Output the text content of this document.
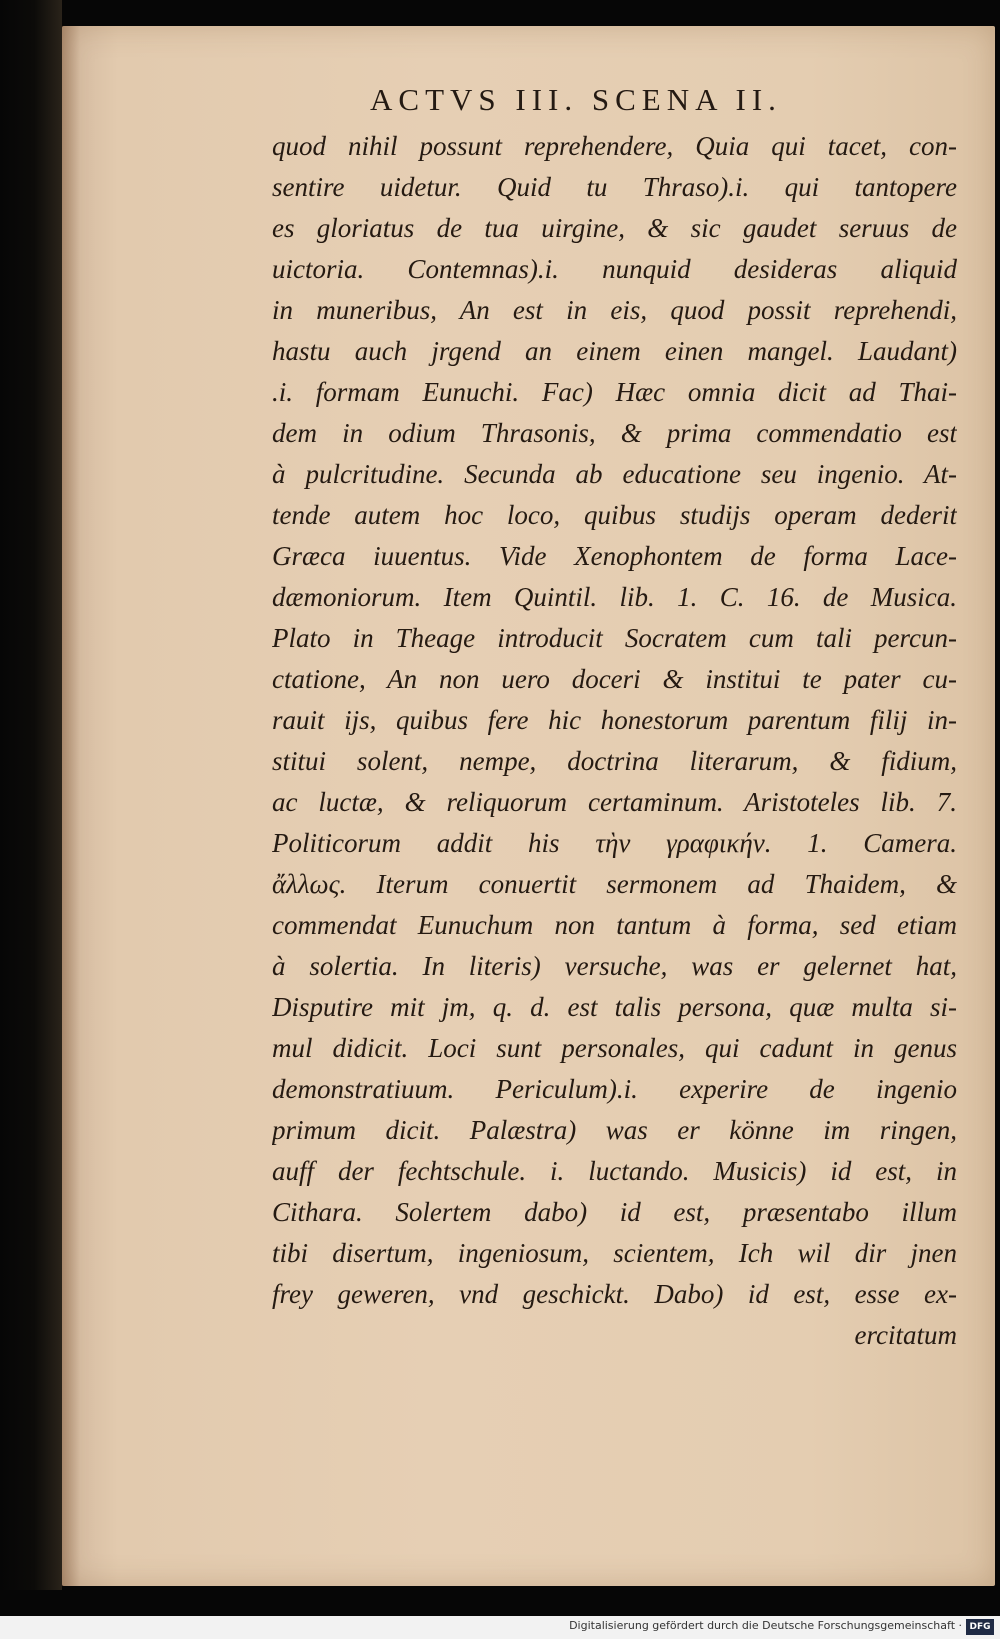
ACTVS III. SCENA II.
quod nihil possunt reprehendere, Quia qui tacet, con-
sentire uidetur. Quid tu Thraso).i. qui tantopere
es gloriatus de tua uirgine, & sic gaudet seruus de
uictoria. Contemnas).i. nunquid desideras aliquid
in muneribus, An est in eis, quod possit reprehendi,
hastu auch jrgend an einem einen mangel. Laudant)
.i. formam Eunuchi. Fac) Hæc omnia dicit ad Thai-
dem in odium Thrasonis, & prima commendatio est
à pulcritudine. Secunda ab educatione seu ingenio. At-
tende autem hoc loco, quibus studijs operam dederit
Græca iuuentus. Vide Xenophontem de forma Lace-
dæmoniorum. Item Quintil. lib. 1. C. 16. de Musica.
Plato in Theage introducit Socratem cum tali percun-
ctatione, An non uero doceri & institui te pater cu-
rauit ijs, quibus fere hic honestorum parentum filij in-
stitui solent, nempe, doctrina literarum, & fidium,
ac luctæ, & reliquorum certaminum. Aristoteles lib. 7.
Politicorum addit his τὴν γραφικήν. 1. Camera.
ἄλλως. Iterum conuertit sermonem ad Thaidem, &
commendat Eunuchum non tantum à forma, sed etiam
à solertia. In literis) versuche, was er gelernet hat,
Disputire mit jm, q. d. est talis persona, quæ multa si-
mul didicit. Loci sunt personales, qui cadunt in genus
demonstratiuum. Periculum).i. experire de ingenio
primum dicit. Palæstra) was er könne im ringen,
auff der fechtschule. i. luctando. Musicis) id est, in
Cithara. Solertem dabo) id est, præsentabo illum
tibi disertum, ingeniosum, scientem, Ich wil dir jnen
frey geweren, vnd geschickt. Dabo) id est, esse ex-
ercitatum
Digitalisierung gefördert durch die Deutsche Forschungsgemeinschaft · DFG
